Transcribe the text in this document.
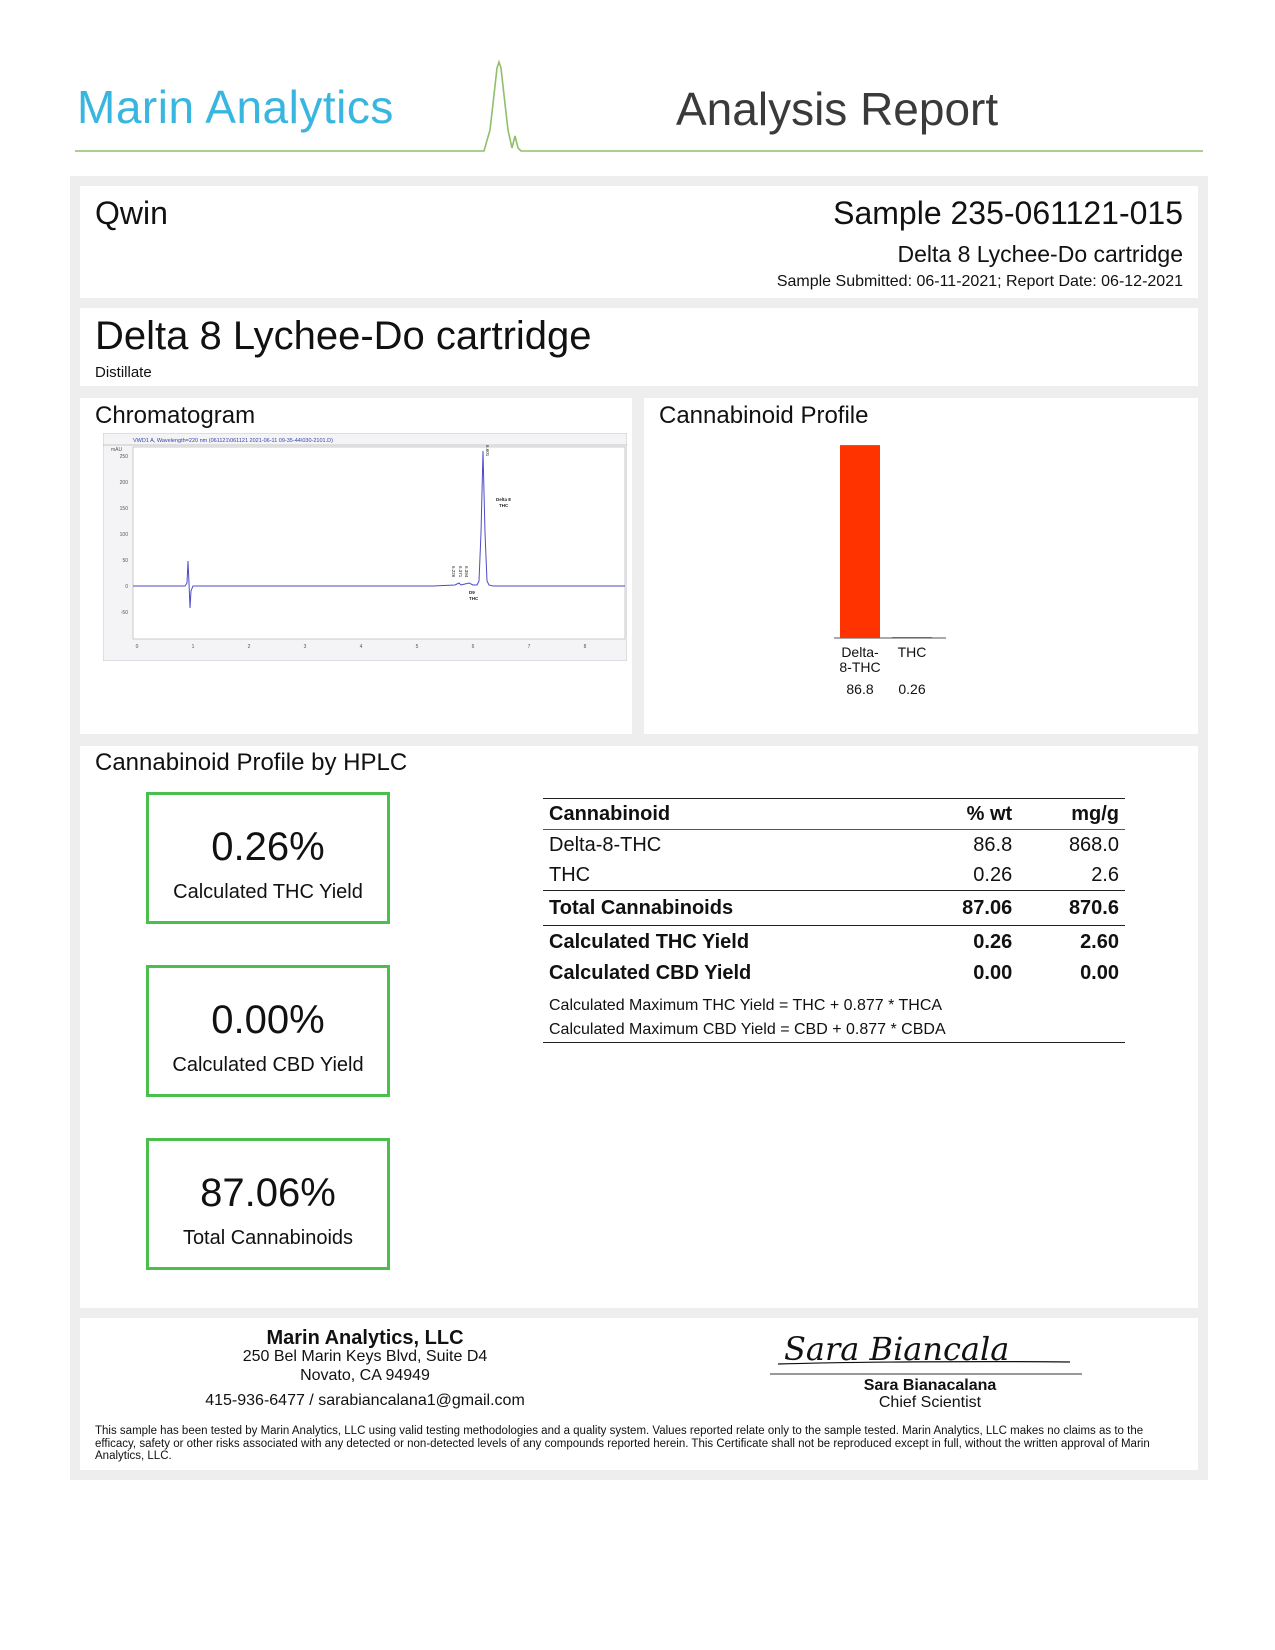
Marin Analytics	Analysis Report
Qwin	Sample 235-061121-015
Delta 8 Lychee-Do cartridge
Sample Submitted: 06-11-2021; Report Date: 06-12-2021
Delta 8 Lychee-Do cartridge
Distillate
Chromatogram
VWD1 A, Wavelength=220 nm (061121\061121 2021-06-11 09-35-44\030-2101.D)
mAU
250
200
150
100
50
0
-50
0	1	2	3	4	5	6	7	8
6.601
Delta 8
THC
6.226 6.371 6.394
D9
THC
Cannabinoid Profile
Delta-8-THC
86.8
THC
0.26
Cannabinoid Profile by HPLC
0.26%
Calculated THC Yield
0.00%
Calculated CBD Yield
87.06%
Total Cannabinoids
Cannabinoid	% wt	mg/g
Delta-8-THC	86.8	868.0
THC	0.26	2.6
Total Cannabinoids	87.06	870.6
Calculated THC Yield	0.26	2.60
Calculated CBD Yield	0.00	0.00
Calculated Maximum THC Yield = THC + 0.877 * THCA		
Calculated Maximum CBD Yield = CBD + 0.877 * CBDA		
Marin Analytics, LLC
250 Bel Marin Keys Blvd, Suite D4
Novato, CA 94949
415-936-6477 / sarabiancalana1@gmail.com
Sara Biancala
Sara Bianacalana
Chief Scientist
This sample has been tested by Marin Analytics, LLC using valid testing methodologies and a quality system. Values reported relate only to the sample tested. Marin Analytics, LLC makes no claims as to the efficacy, safety or other risks associated with any detected or non-detected levels of any compounds reported herein. This Certificate shall not be reproduced except in full, without the written approval of Marin Analytics, LLC.
